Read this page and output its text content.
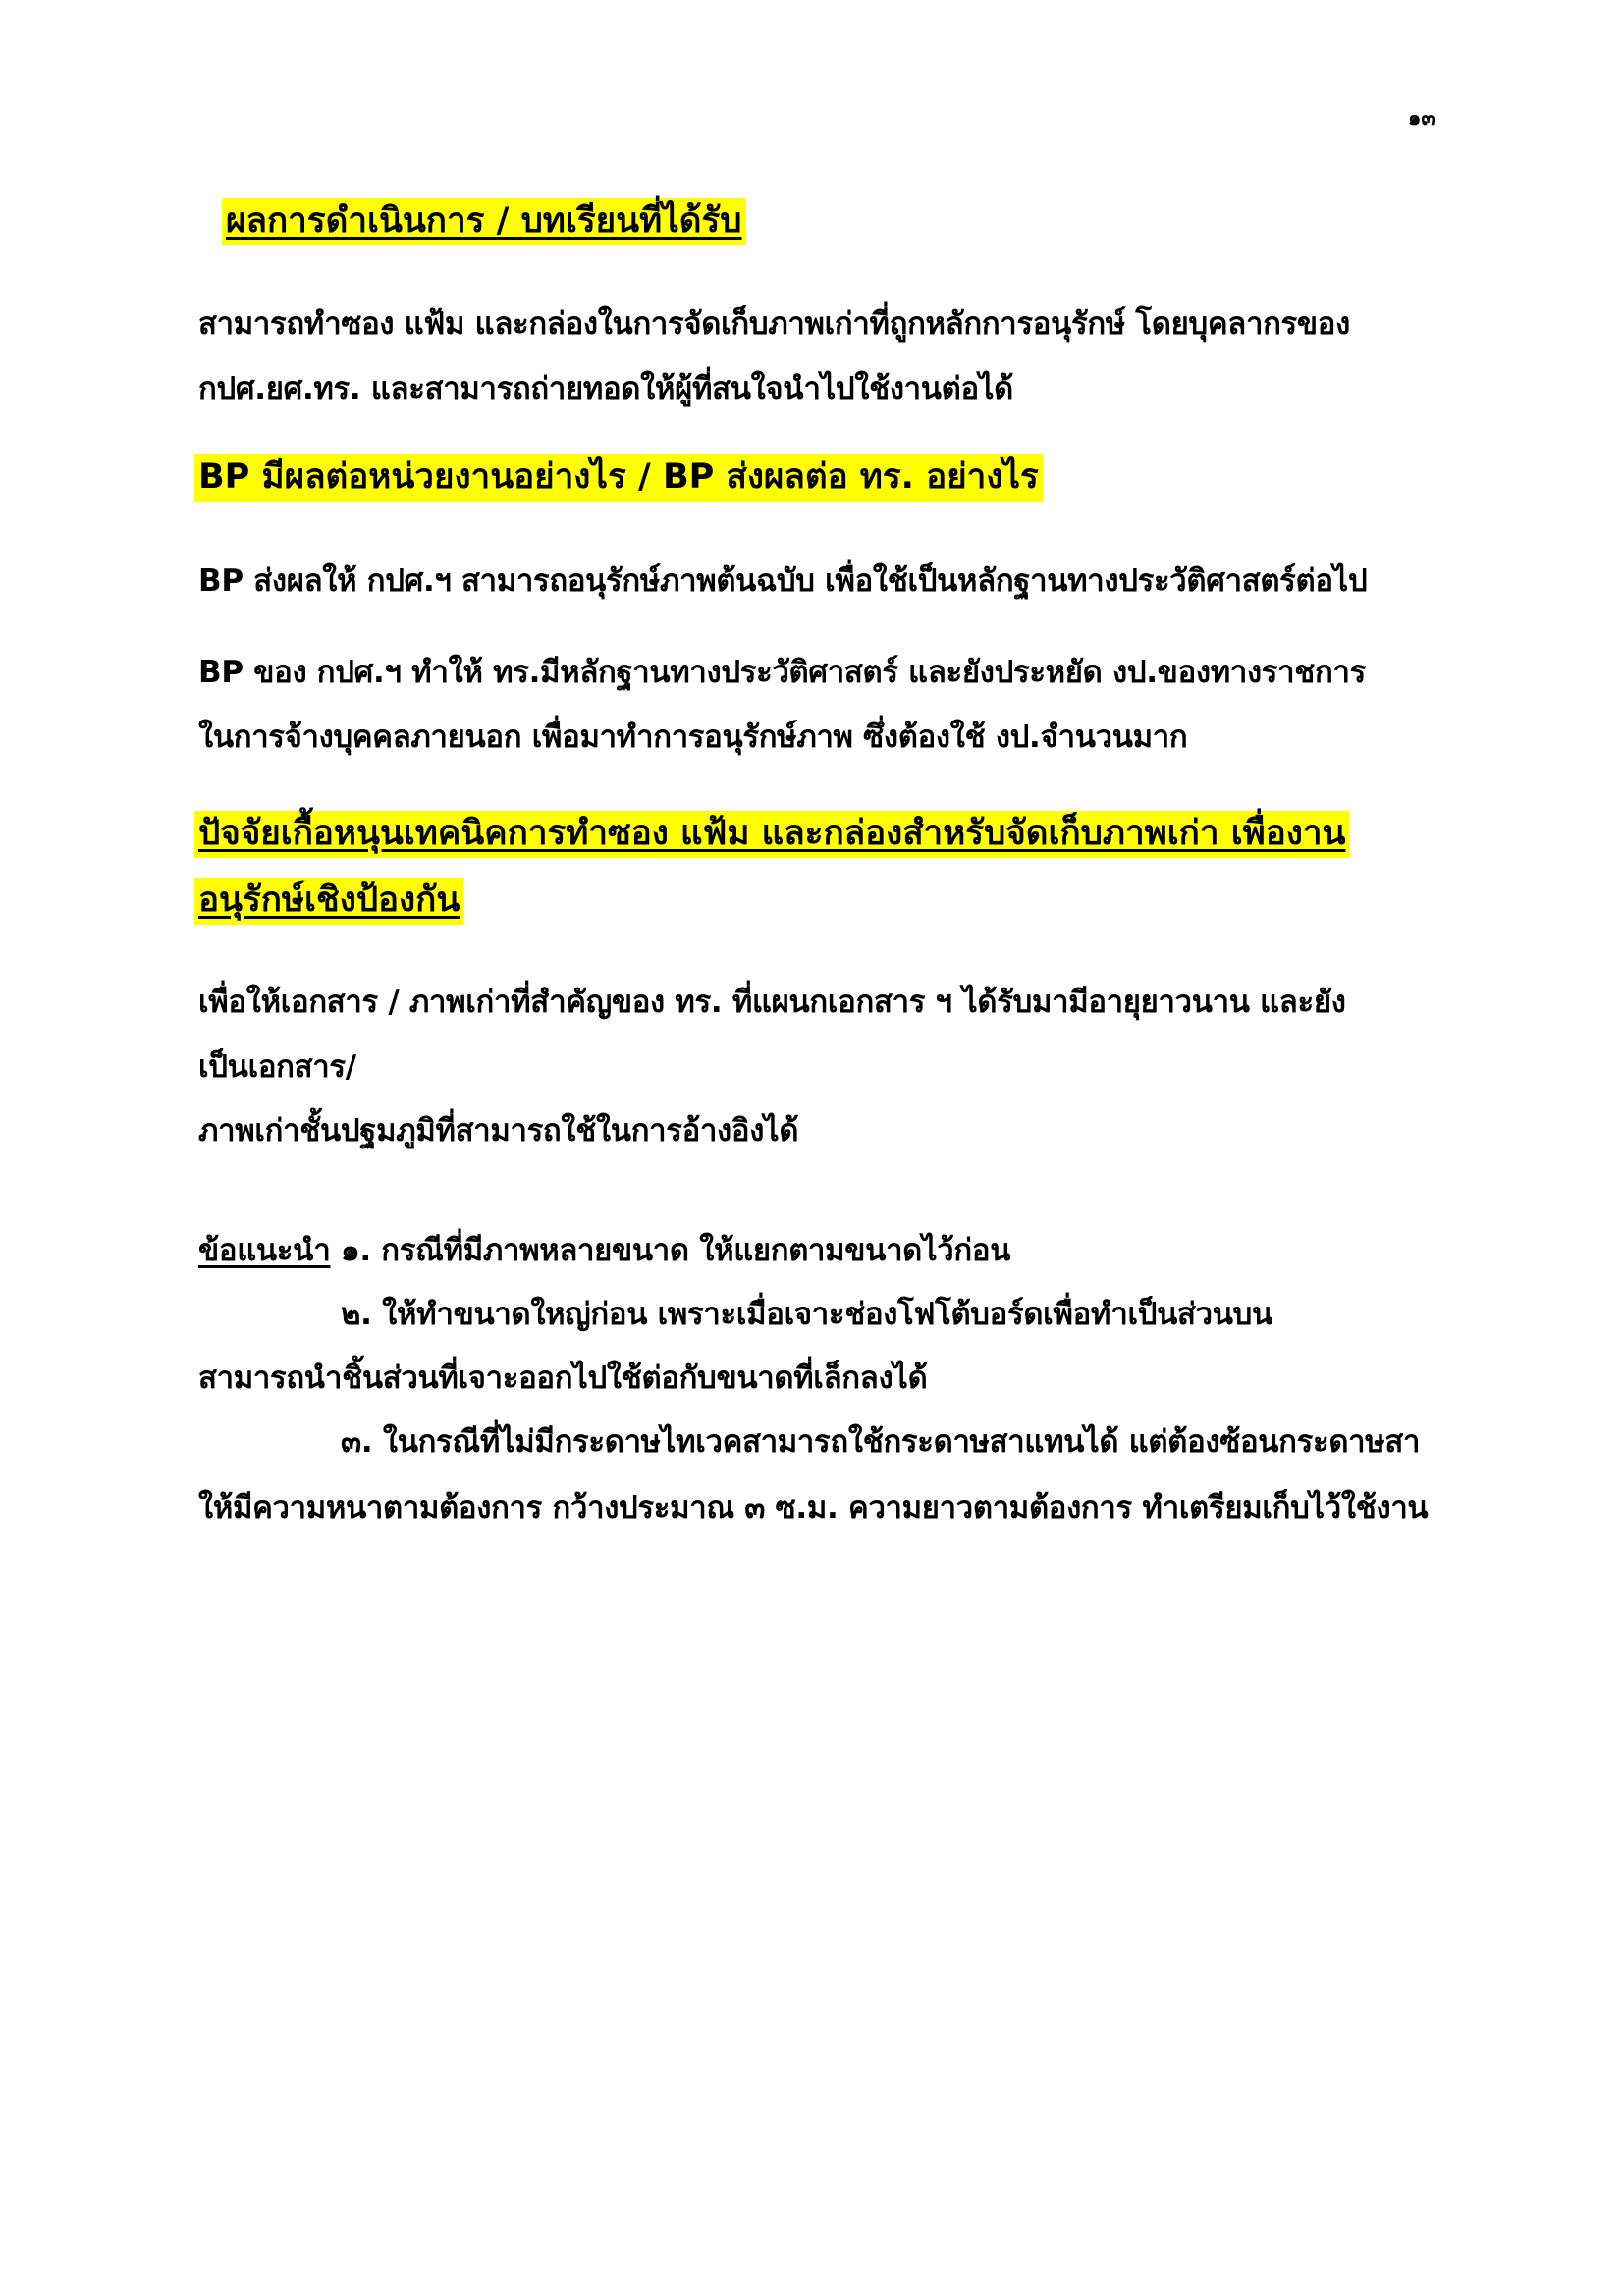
๑๓
ผลการดำเนินการ / บทเรียนที่ได้รับ
สามารถทำซอง แฟ้ม และกล่องในการจัดเก็บภาพเก่าที่ถูกหลักการอนุรักษ์ โดยบุคลากรของ
กปศ.ยศ.ทร. และสามารถถ่ายทอดให้ผู้ที่สนใจนำไปใช้งานต่อได้
BP มีผลต่อหน่วยงานอย่างไร / BP ส่งผลต่อ ทร. อย่างไร
BP ส่งผลให้ กปศ.ฯ สามารถอนุรักษ์ภาพต้นฉบับ เพื่อใช้เป็นหลักฐานทางประวัติศาสตร์ต่อไป
BP ของ กปศ.ฯ ทำให้ ทร.มีหลักฐานทางประวัติศาสตร์ และยังประหยัด งป.ของทางราชการ
ในการจ้างบุคคลภายนอก เพื่อมาทำการอนุรักษ์ภาพ ซึ่งต้องใช้ งป.จำนวนมาก
ปัจจัยเกื้อหนุนเทคนิคการทำซอง แฟ้ม และกล่องสำหรับจัดเก็บภาพเก่า เพื่องาน
อนุรักษ์เชิงป้องกัน
เพื่อให้เอกสาร / ภาพเก่าที่สำคัญของ ทร. ที่แผนกเอกสาร ฯ ได้รับมามีอายุยาวนาน และยัง
เป็นเอกสาร/
ภาพเก่าชั้นปฐมภูมิที่สามารถใช้ในการอ้างอิงได้
ข้อแนะนำ ๑. กรณีที่มีภาพหลายขนาด ให้แยกตามขนาดไว้ก่อน
๒. ให้ทำขนาดใหญ่ก่อน เพราะเมื่อเจาะช่องโฟโต้บอร์ดเพื่อทำเป็นส่วนบน
สามารถนำชิ้นส่วนที่เจาะออกไปใช้ต่อกับขนาดที่เล็กลงได้
๓. ในกรณีที่ไม่มีกระดาษไทเวคสามารถใช้กระดาษสาแทนได้ แต่ต้องซ้อนกระดาษสา
ให้มีความหนาตามต้องการ กว้างประมาณ ๓ ซ.ม. ความยาวตามต้องการ ทำเตรียมเก็บไว้ใช้งาน
